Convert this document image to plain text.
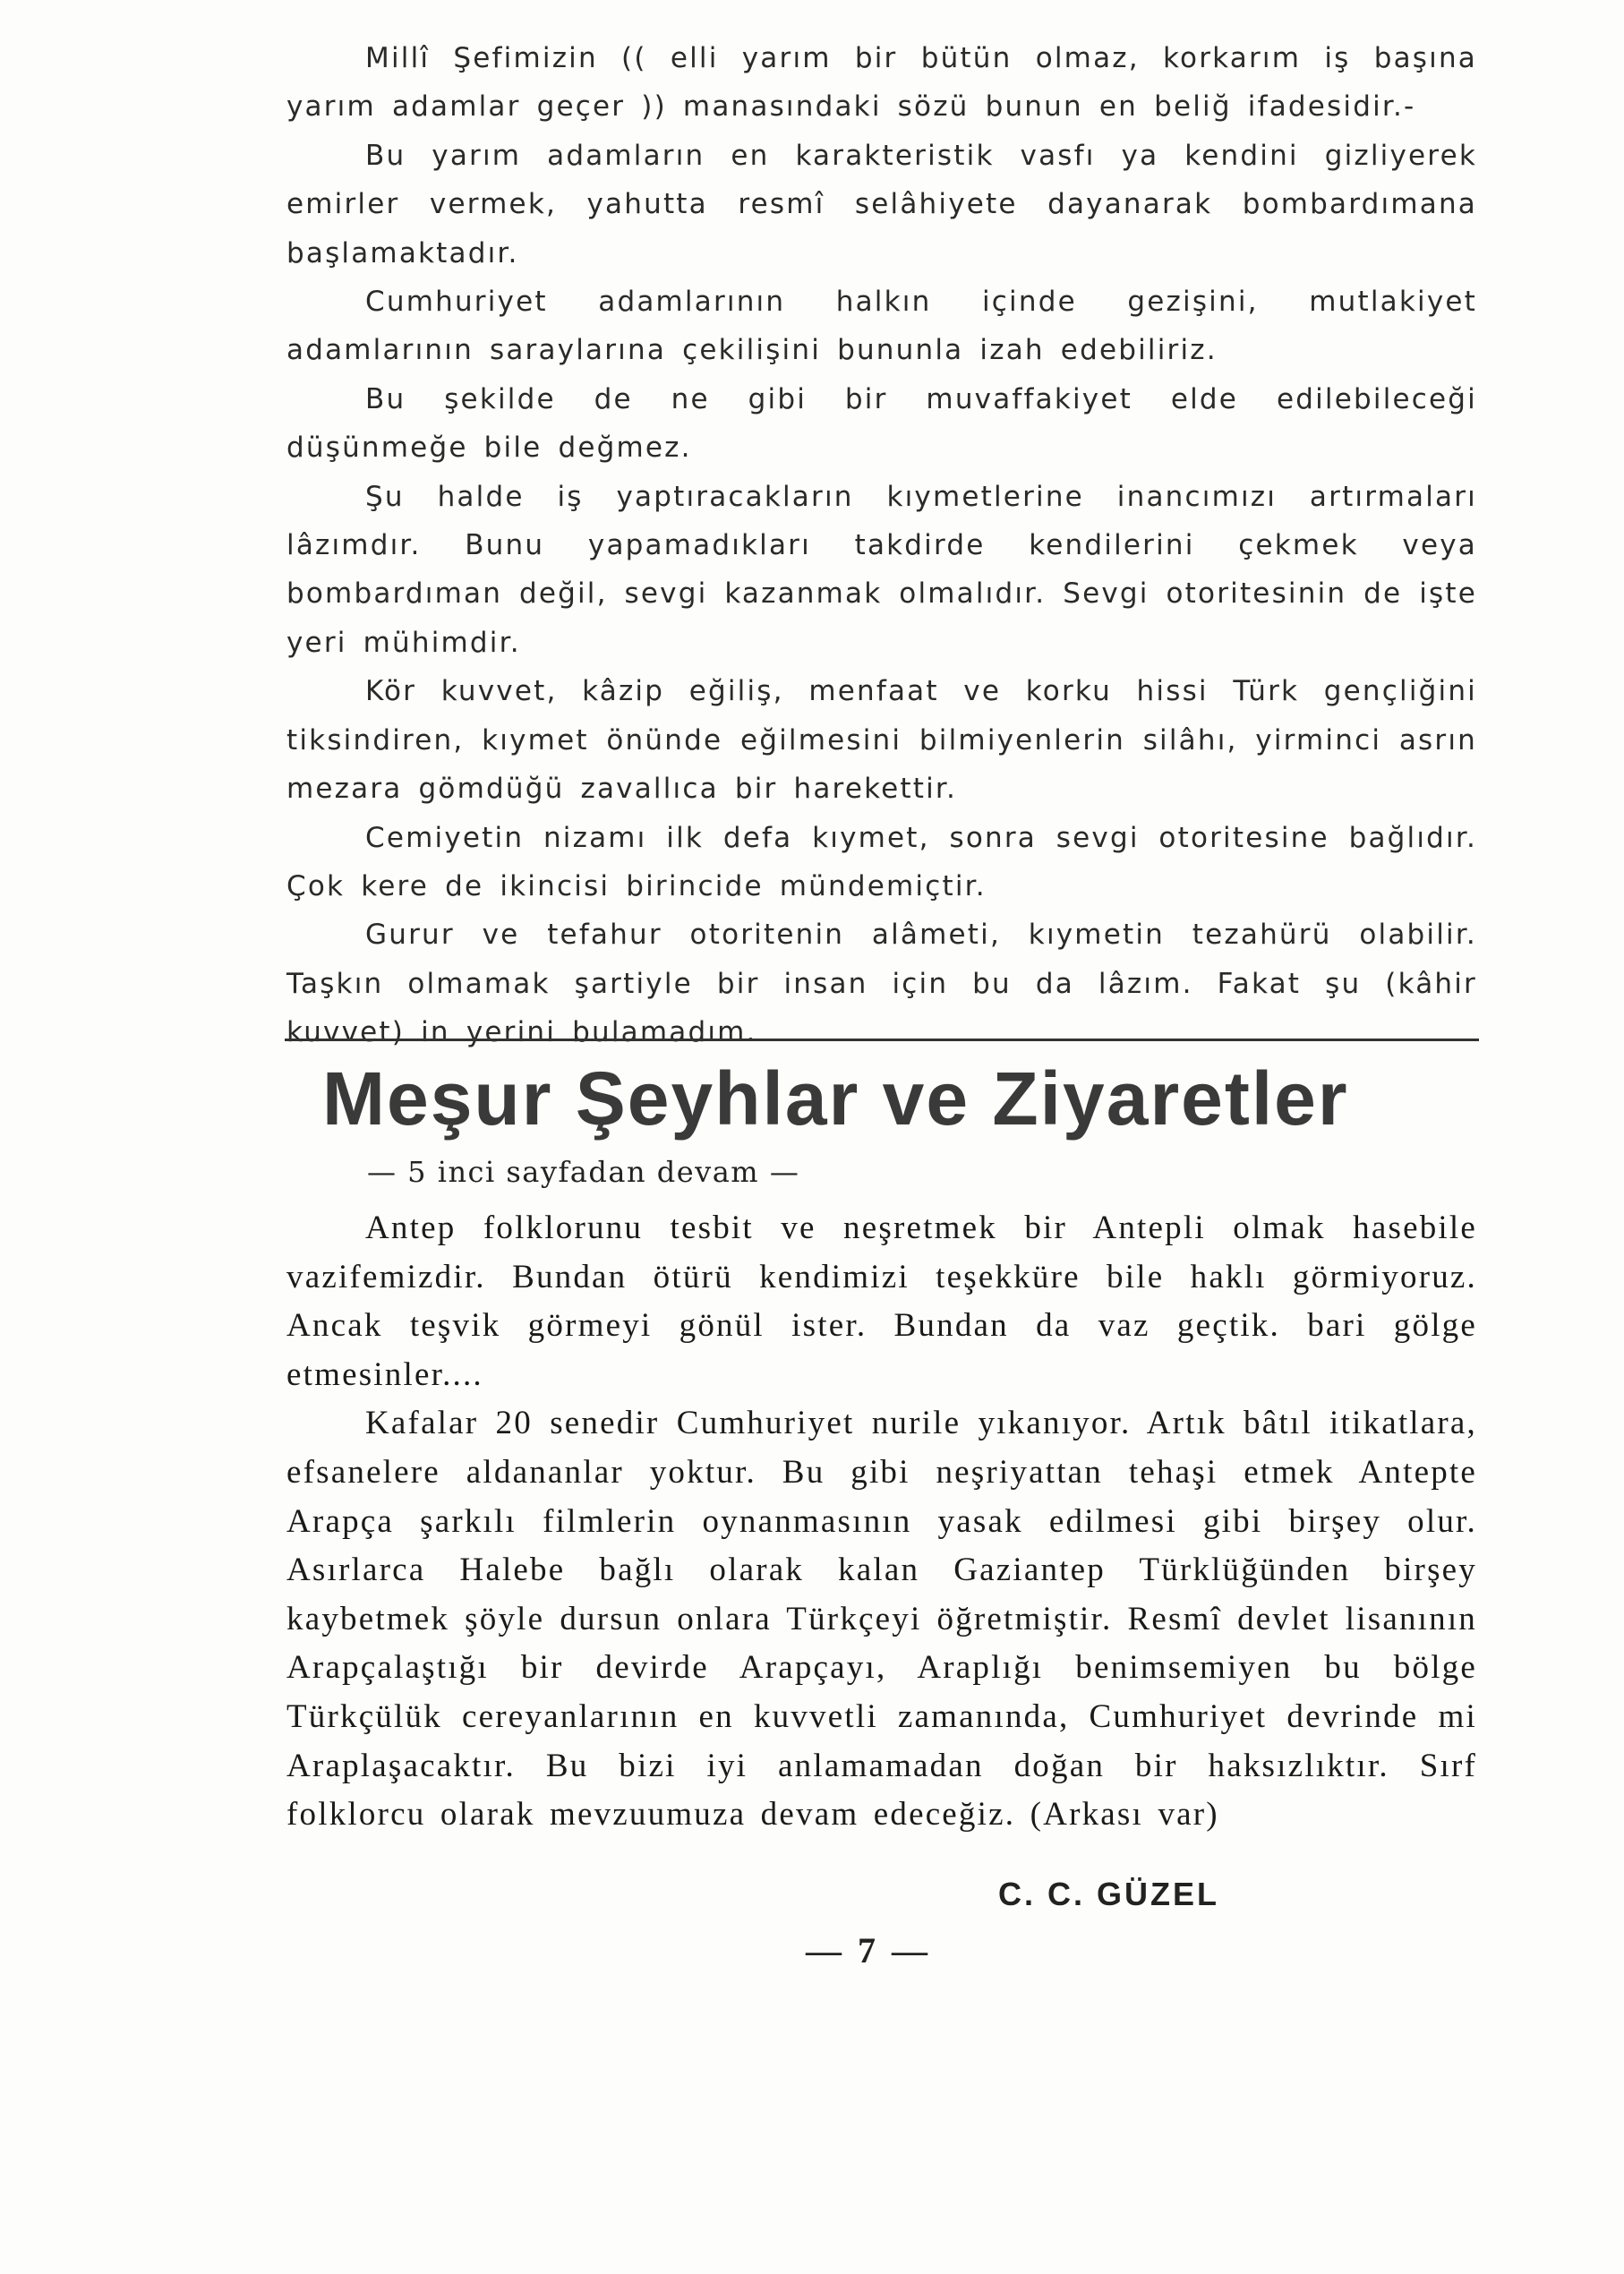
Millî Şefimizin (( elli yarım bir bütün olmaz, korkarım iş başına yarım adamlar geçer )) manasındaki sözü bunun en beliğ ifadesidir.-

Bu yarım adamların en karakteristik vasfı ya kendini gizliyerek emirler vermek, yahutta resmî selâhiyete dayanarak bombardımana başlamaktadır.

Cumhuriyet adamlarının halkın içinde gezişini, mutlakiyet adamlarının saraylarına çekilişini bununla izah edebiliriz.

Bu şekilde de ne gibi bir muvaffakiyet elde edilebileceği düşünmeğe bile değmez.

Şu halde iş yaptıracakların kıymetlerine inancımızı artırmaları lâzımdır. Bunu yapamadıkları takdirde kendilerini çekmek veya bombardıman değil, sevgi kazanmak olmalıdır. Sevgi otoritesinin de işte yeri mühimdir.

Kör kuvvet, kâzip eğiliş, menfaat ve korku hissi Türk gençliğini tiksindiren, kıymet önünde eğilmesini bilmiyenlerin silâhı, yirminci asrın mezara gömdüğü zavallıca bir harekettir.

Cemiyetin nizamı ilk defa kıymet, sonra sevgi otoritesine bağlıdır. Çok kere de ikincisi birincide mündemiçtir.

Gurur ve tefahur otoritenin alâmeti, kıymetin tezahürü olabilir. Taşkın olmamak şartiyle bir insan için bu da lâzım. Fakat şu (kâhir kuvvet) in yerini bulamadım.

Meşur Şeyhlar ve Ziyaretler
— 5 inci sayfadan devam —

Antep folklorunu tesbit ve neşretmek bir Antepli olmak hasebile vazifemizdir. Bundan ötürü kendimizi teşekküre bile haklı görmiyoruz. Ancak teşvik görmeyi gönül ister. Bundan da vaz geçtik. bari gölge etmesinler....

Kafalar 20 senedir Cumhuriyet nurile yıkanıyor. Artık bâtıl itikatlara, efsanelere aldananlar yoktur. Bu gibi neşriyattan tehaşi etmek Antepte Arapça şarkılı filmlerin oynanmasının yasak edilmesi gibi birşey olur. Asırlarca Halebe bağlı olarak kalan Gaziantep Türklüğünden birşey kaybetmek şöyle dursun onlara Türkçeyi öğretmiştir. Resmî devlet lisanının Arapçalaştığı bir devirde Arapçayı, Araplığı benimsemiyen bu bölge Türkçülük cereyanlarının en kuvvetli zamanında, Cumhuriyet devrinde mi Araplaşacaktır. Bu bizi iyi anlamamadan doğan bir haksızlıktır. Sırf folklorcu olarak mevzuumuza devam edeceğiz. (Arkası var)

C. C. GÜZEL
— 7 —
